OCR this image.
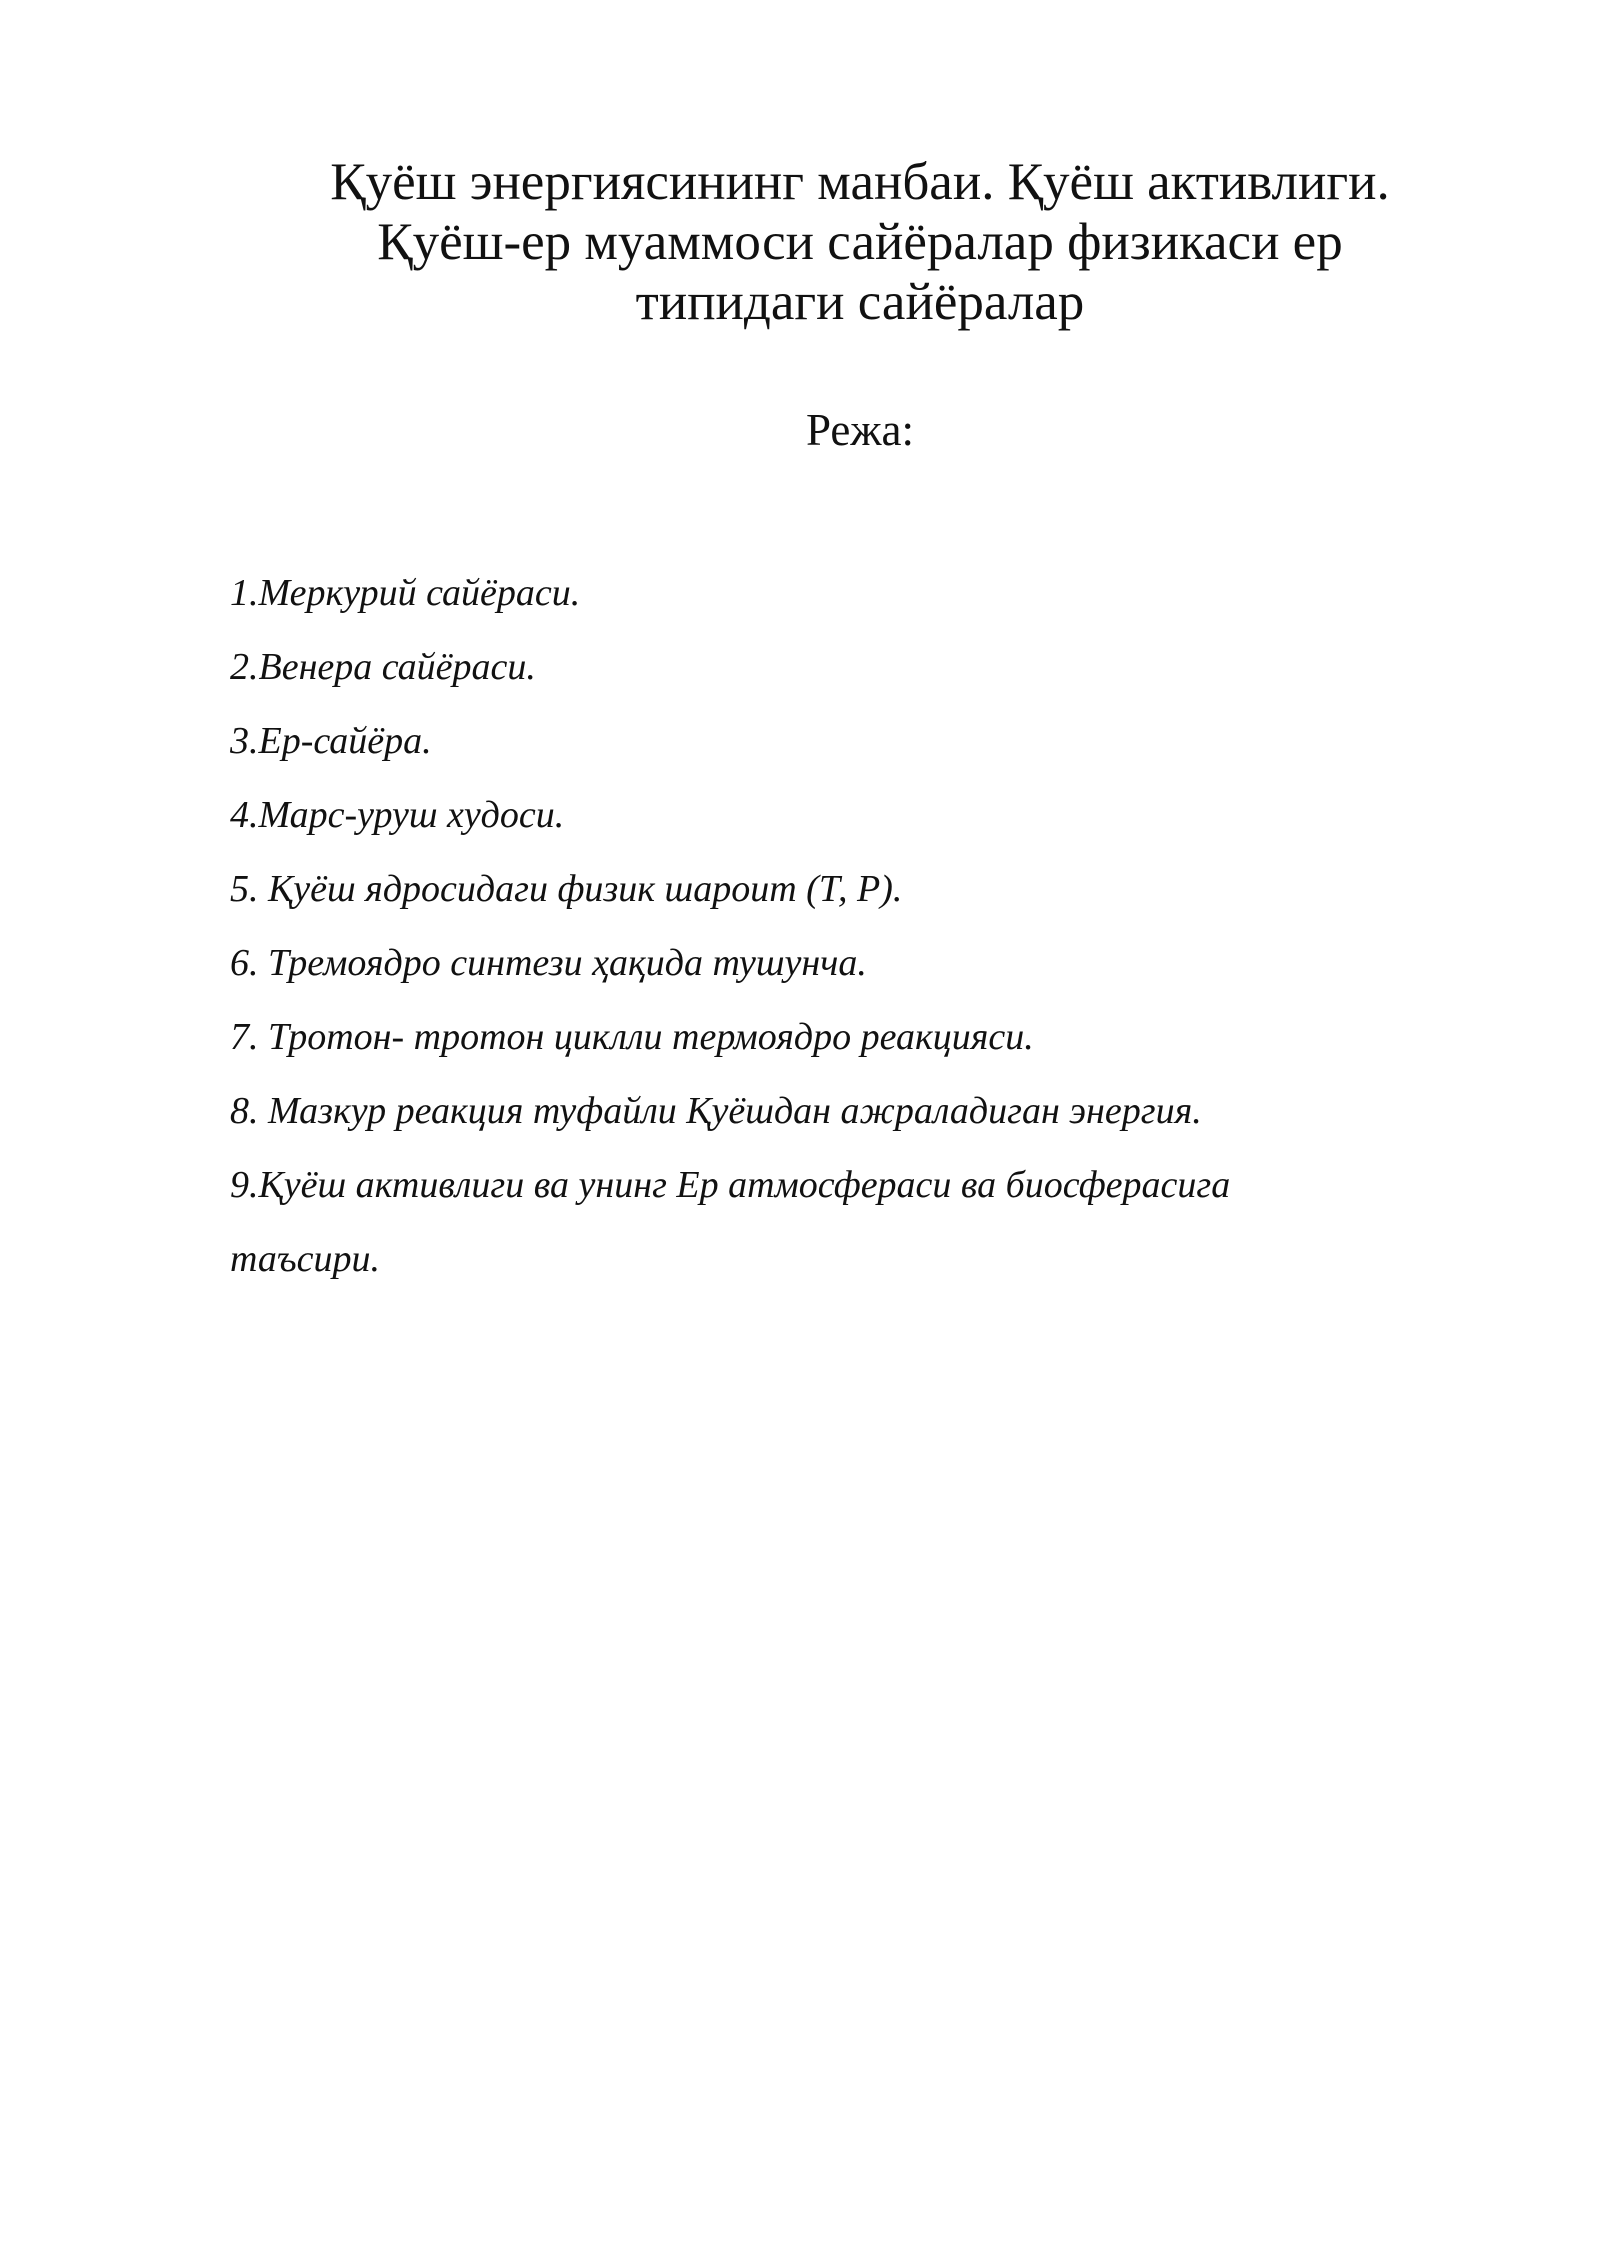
Қуёш энергиясининг манбаи. Қуёш активлиги.
Қуёш-ер муаммоси сайёралар физикаси ер
типидаги сайёралар

Режа:

1.Меркурий сайёраси.
2.Венера сайёраси.
3.Ер-сайёра.
4.Марс-уруш худоси.
5. Қуёш ядросидаги физик шароит (Т, Р).
6. Тремоядро синтези ҳақида тушунча.
7. Тротон- тротон циклли термоядро реакцияси.
8. Мазкур реакция туфайли Қуёшдан ажраладиган энергия.
9.Қуёш активлиги ва унинг Ер атмосфераси ва биосферасига
таъсири.
